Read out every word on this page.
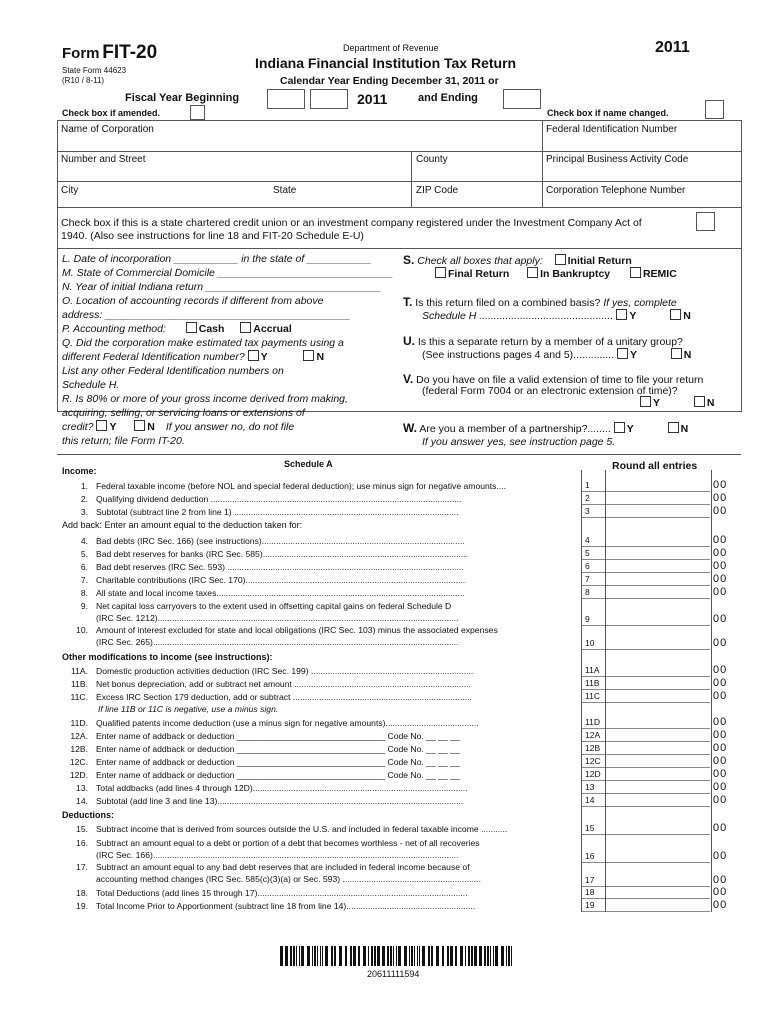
Form FIT-20
State Form 44623
(R10 / 8-11)
Department of Revenue
Indiana Financial Institution Tax Return
2011
Calendar Year Ending December 31, 2011 or
Fiscal Year Beginning	2011	and Ending
Check box if amended.	Check box if name changed.
Name of Corporation	Federal Identification Number
Number and Street	County	Principal Business Activity Code
City	State	ZIP Code	Corporation Telephone Number
Check box if this is a state chartered credit union or an investment company registered under the Investment Company Act of
1940. (Also see instructions for line 18 and FIT-20 Schedule E-U)
L. Date of incorporation ___________ in the state of ___________
M. State of Commercial Domicile ______________________________
N. Year of initial Indiana return ______________________________
O. Location of accounting records if different from above
address: __________________________________________
P. Accounting method:	Cash	Accrual
Q. Did the corporation make estimated tax payments using a
different Federal Identification number? Y	N
List any other Federal Identification numbers on
Schedule H.
R. Is 80% or more of your gross income derived from making,
acquiring, selling, or servicing loans or extensions of
credit? Y	N If you answer no, do not file
this return; file Form IT-20.
S. Check all boxes that apply: Initial Return
Final Return	In Bankruptcy	REMIC
T. Is this return filed on a combined basis? If yes, complete
Schedule H .............................................. Y	N
U. Is this a separate return by a member of a unitary group?
(See instructions pages 4 and 5).............. Y	N
V. Do you have on file a valid extension of time to file your return
(federal Form 7004 or an electronic extension of time)?
Y	N
W. Are you a member of a partnership?........ Y	N
If you answer yes, see instruction page 5.
Schedule A	Round all entries
Income:
1. Federal taxable income (before NOL and special federal deduction); use minus sign for negative amounts....	1	00
2. Qualifying dividend deduction .........................................................................................................	2	00
3. Subtotal (subtract line 2 from line 1) ..............................................................................................	3	00
4. Bad debts (IRC Sec. 166) (see instructions).....................................................................................	4	00
5. Bad debt reserves for banks (IRC Sec. 585)......................................................................................	5	00
6. Bad debt reserves (IRC Sec. 593) ...................................................................................................	6	00
7. Charitable contributions (IRC Sec. 170)............................................................................................	7	00
8. All state and local income taxes........................................................................................................	8	00
9. Net capital loss carryovers to the extent used in offsetting capital gains on federal Schedule D
(IRC Sec. 1212)..............................................................................................................................	9	00
10. Amount of interest excluded for state and local obligations (IRC Sec. 103) minus the associated expenses
(IRC Sec. 265)................................................................................................................................	10	00
11A. Domestic production activities deduction (IRC Sec. 199) ....................................................................	11A	00
11B. Net bonus depreciation, add or subtract net amount ..........................................................................	11B	00
11C. Excess IRC Section 179 deduction, add or subtract ...........................................................................	11C	00
11D. Qualified patents income deduction (use a minus sign for negative amounts).......................................	11D	00
12A. Enter name of addback or deduction _______________________________ Code No. __ __ __	12A	00
12B. Enter name of addback or deduction _______________________________ Code No. __ __ __	12B	00
12C. Enter name of addback or deduction _______________________________ Code No. __ __ __	12C	00
12D. Enter name of addback or deduction _______________________________ Code No. __ __ __	12D	00
13. Total addbacks (add lines 4 through 12D)..........................................................................................	13	00
14. Subtotal (add line 3 and line 13).......................................................................................................	14	00
15. Subtract income that is derived from sources outside the U.S. and included in federal taxable income ...........	15	00
16. Subtract an amount equal to a debt or portion of a debt that becomes worthless - net of all recoveries
(IRC Sec. 166)................................................................................................................................	16	00
17. Subtract an amount equal to any bad debt reserves that are included in federal income because of
accounting method changes (IRC Sec. 585(c)(3)(a) or Sec. 593) ..........................................................	17	00
18. Total Deductions (add lines 15 through 17)........................................................................................	18	00
19. Total Income Prior to Apportionment (subtract line 18 from line 14)......................................................	19	00
Add back: Enter an amount equal to the deduction taken for:
Other modifications to income (see instructions):
If line 11B or 11C is negative, use a minus sign.
Deductions:
20611111594
